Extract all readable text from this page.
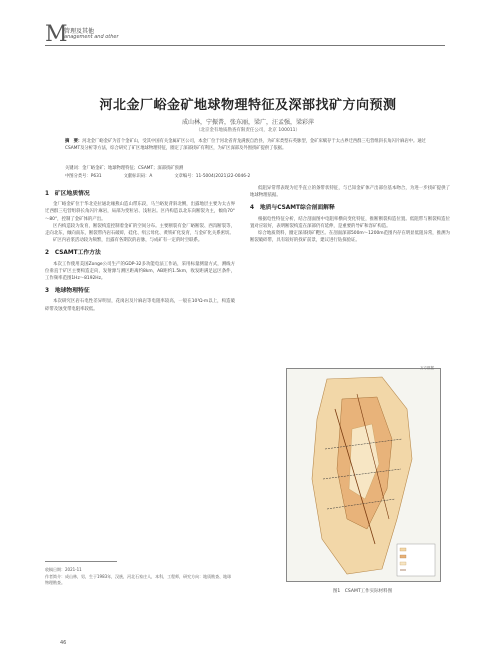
M
管理及其他
anagement and other
河北金厂峪金矿地球物理特征及深部找矿方向预测
成山林，宁振普，张东丽，梁广，汪孟强，梁彩萍
（北京金有地质勘查有限责任公司，北京 100011）
摘　要：河北金厂峪金矿为首个金矿山，受其中国有关金属矿区公司，本金厂位于河北省青龙满族自治县，为矿床类型石英脉型，金矿床赋存于太古界迁西群三屯营组斜长角闪片麻岩中。通过CSAMT及分析等方法，综合研究了矿区地球物理特征，圈定了深部找矿有利区，为矿区深部及外围找矿提供了依据。
关键词：金厂峪金矿；地球物理特征；CSAMT；深部找矿预测
中图分类号：P631	文献标识码：A	文章编号：11-5004(2021)22-0046-2
1　矿区地质情况

金厂峪金矿位于华北克拉通北缘燕山造山带东段，马兰峪复背斜北侧，出露地层主要为太古界迁西群三屯营组斜长角闪片麻岩，局部为变粒岩、浅粒岩。区内构造以北东向断裂为主，倾角70°～80°，控制了金矿体的产出。

区内构造较为发育，断裂构造控制着金矿的空间分布。主要断裂有金厂峪断裂、西沟断裂等，走向北东，倾向南东，断裂带内岩石破碎，硅化、绢云母化、黄铁矿化发育，与金矿化关系密切。

矿区内岩浆活动较为频繁，出露有各期次的岩脉，与成矿有一定的时空联系。

2　CSAMT工作方法

本次工作使用美国Zonge公司生产的GDP-32多功能电法工作站，采用标量测量方式，测线方位垂直于矿区主要构造走向，发射源与测区距离约8km，AB距约1.5km，收发距满足远区条件，工作频率范围1Hz～8192Hz。

3　地球物理特征

本次研究区岩石电性差异明显，花岗岩及片麻岩等电阻率较高，一般在10³Ω·m以上，构造破碎带及蚀变带电阻率较低。

收稿日期：2021-11
作者简介：成山林，男，生于1983年，汉族，河北石家庄人，本科，工程师，研究方向：地质勘查、地球物理勘查。
46

低阻异常带表现为近乎直立的条带状特征，与已知金矿体产出部位基本吻合，为进一步找矿提供了地球物理依据。

4　地质与CSAMT综合剖面解释

根据电性特征分析，结合剖面图中电阻率横向变化特征，推断断裂构造位置。低阻带与断裂构造位置对应较好，表明断裂构造在深部仍有延伸，是重要的导矿和容矿构造。

综合地质资料，圈定深部找矿靶区。在剖面深部500m～1200m范围内存在明显低阻异常，推测为断裂破碎带，具有较好的找矿前景，建议进行钻探验证。

图1　CSAMT工作实际材料图
万方数据
